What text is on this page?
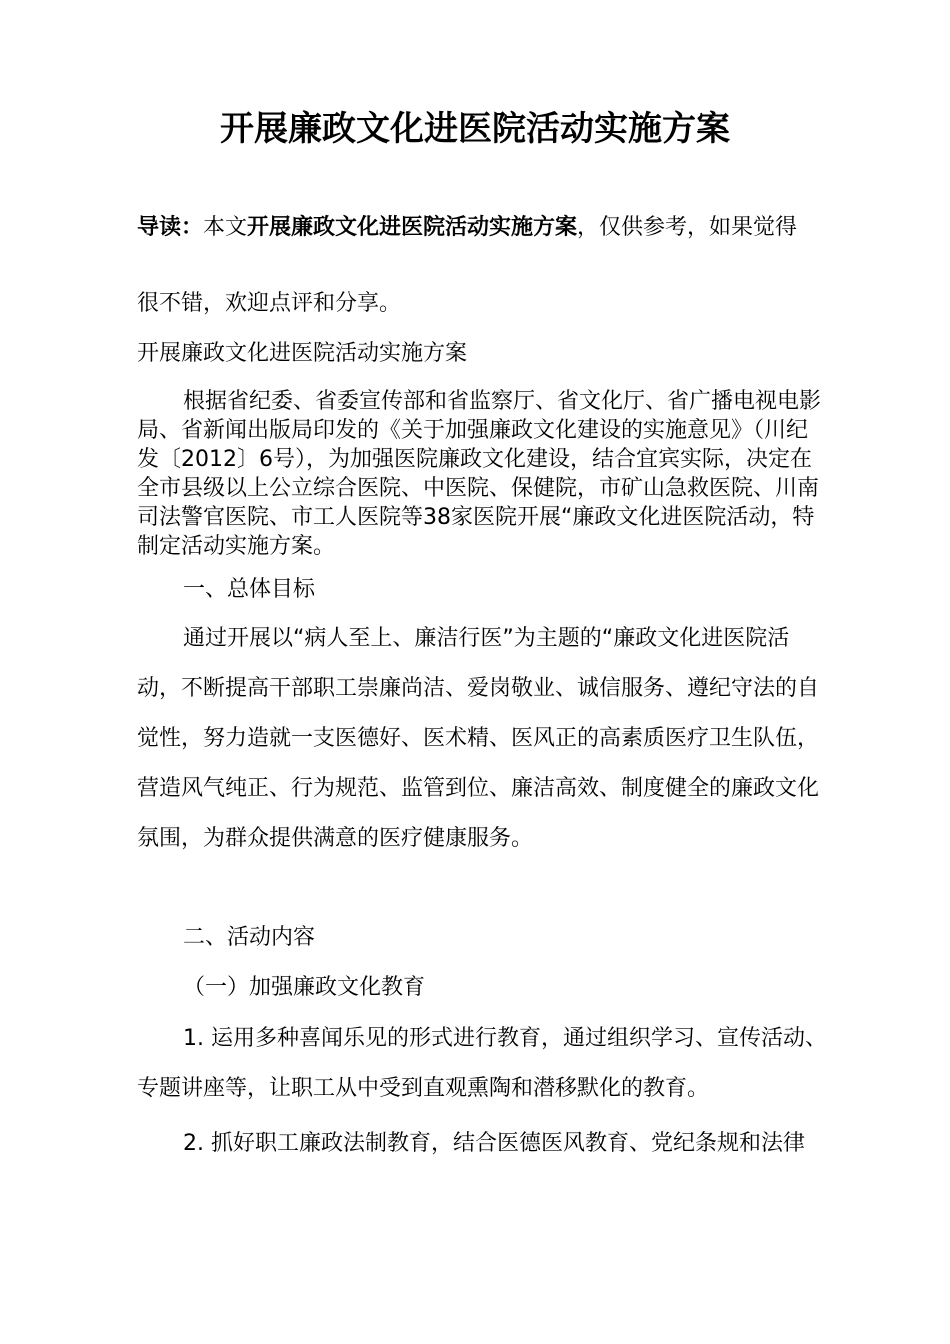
开展廉政文化进医院活动实施方案
导读：本文开展廉政文化进医院活动实施方案，仅供参考，如果觉得
很不错，欢迎点评和分享。
开展廉政文化进医院活动实施方案
根据省纪委、省委宣传部和省监察厅、省文化厅、省广播电视电影局、省新闻出版局印发的《关于加强廉政文化建设的实施意见》（川纪发〔2012〕6号），为加强医院廉政文化建设，结合宜宾实际，决定在全市县级以上公立综合医院、中医院、保健院，市矿山急救医院、川南司法警官医院、市工人医院等38家医院开展“廉政文化进医院活动，特制定活动实施方案。
一、总体目标
通过开展以“病人至上、廉洁行医”为主题的“廉政文化进医院活动，不断提高干部职工崇廉尚洁、爱岗敬业、诚信服务、遵纪守法的自觉性，努力造就一支医德好、医术精、医风正的高素质医疗卫生队伍，营造风气纯正、行为规范、监管到位、廉洁高效、制度健全的廉政文化氛围，为群众提供满意的医疗健康服务。
二、活动内容
（一）加强廉政文化教育
1. 运用多种喜闻乐见的形式进行教育，通过组织学习、宣传活动、专题讲座等，让职工从中受到直观熏陶和潜移默化的教育。
2. 抓好职工廉政法制教育，结合医德医风教育、党纪条规和法律
